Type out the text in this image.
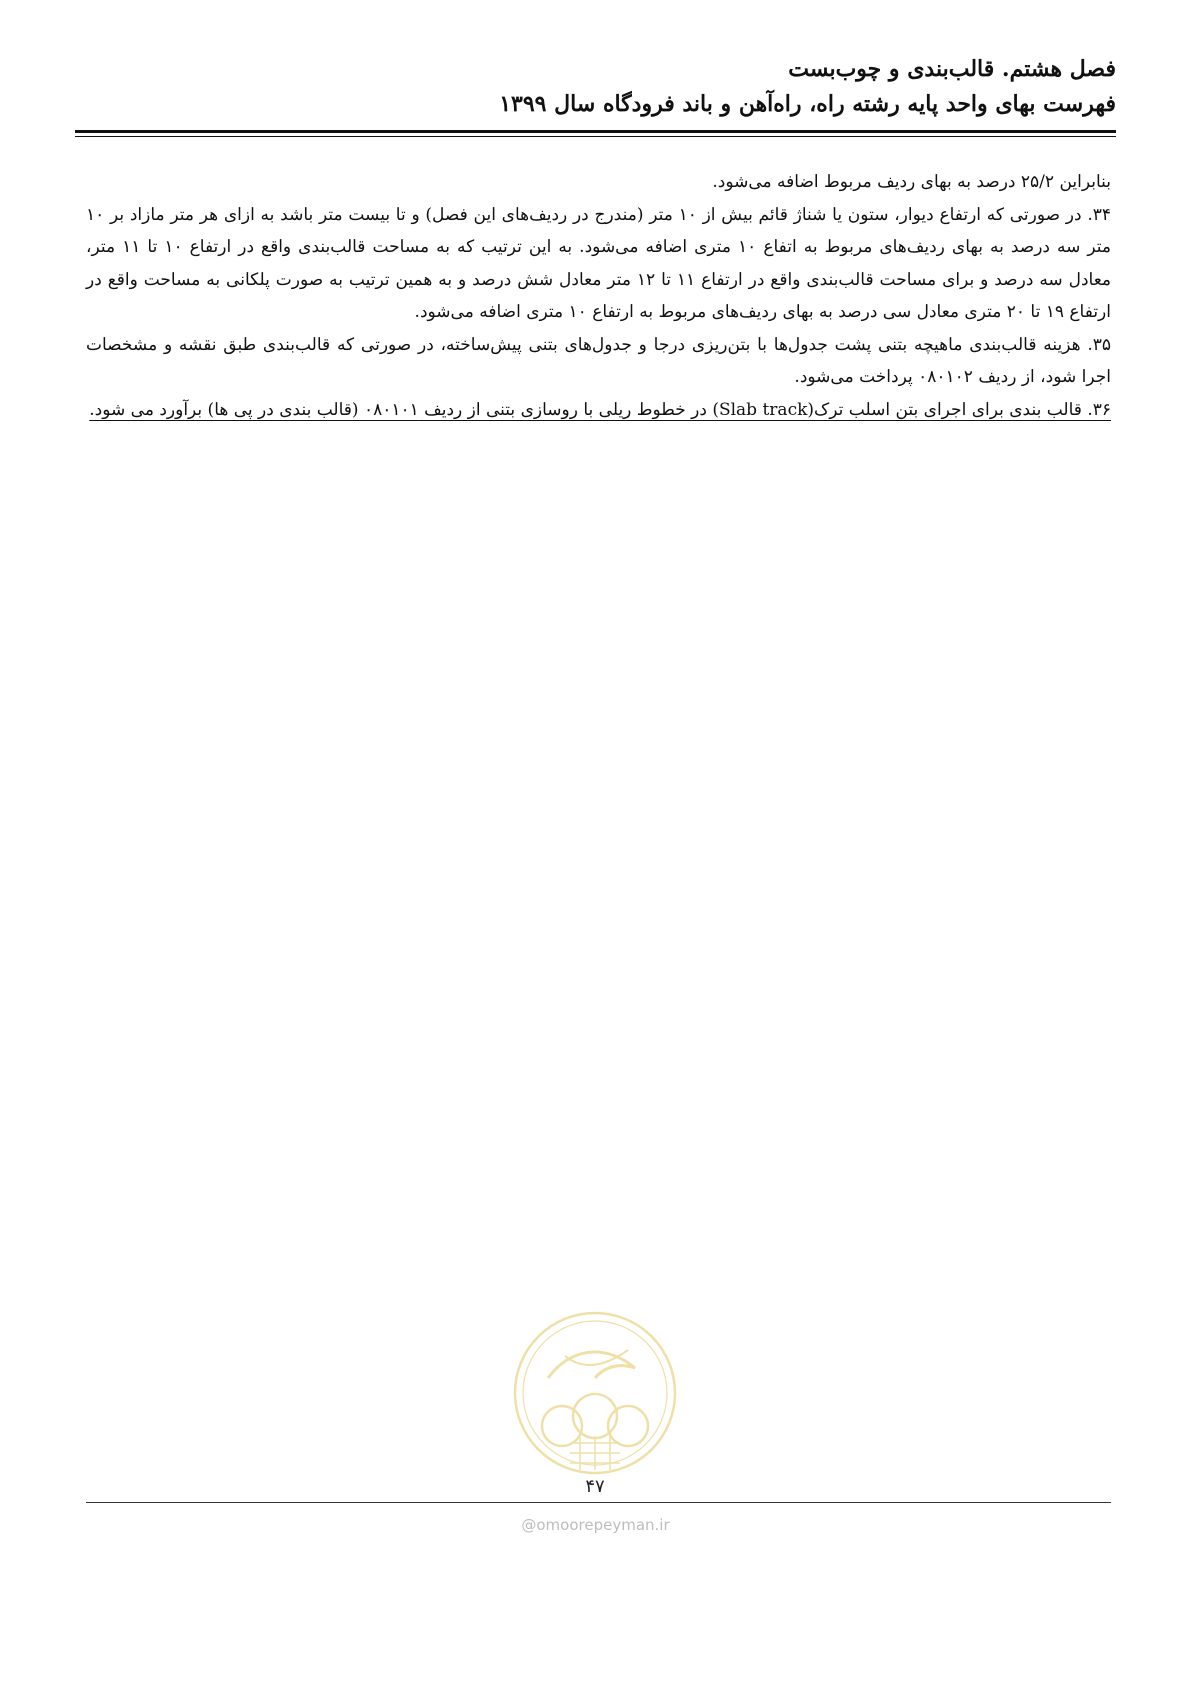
فصل هشتم. قالب‌بندی و چوب‌بست
فهرست بهای واحد پایه رشته راه، راه‌آهن و باند فرودگاه سال ۱۳۹۹

بنابراین ۲۵/۲ درصد به بهای ردیف مربوط اضافه می‌شود.

۳۴. در صورتی که ارتفاع دیوار، ستون یا شناژ قائم بیش از ۱۰ متر (مندرج در ردیف‌های این فصل) و تا بیست متر باشد به ازای هر متر مازاد بر ۱۰ متر سه درصد به بهای ردیف‌های مربوط به اتفاع ۱۰ متری اضافه می‌شود. به این ترتیب که به مساحت قالب‌بندی واقع در ارتفاع ۱۰ تا ۱۱ متر، معادل سه درصد و برای مساحت قالب‌بندی واقع در ارتفاع ۱۱ تا ۱۲ متر معادل شش درصد و به همین ترتیب به صورت پلکانی به مساحت واقع در ارتفاع ۱۹ تا ۲۰ متری معادل سی درصد به بهای ردیف‌های مربوط به ارتفاع ۱۰ متری اضافه می‌شود.

۳۵. هزینه قالب‌بندی ماهیچه بتنی پشت جدول‌ها با بتن‌ریزی درجا و جدول‌های بتنی پیش‌ساخته، در صورتی که قالب‌بندی طبق نقشه و مشخصات اجرا شود، از ردیف ۰۸۰۱۰۲ پرداخت می‌شود.

۳۶. قالب بندی برای اجرای بتن اسلب ترک(Slab track) در خطوط ریلی با روسازی بتنی از ردیف ۰۸۰۱۰۱ (قالب بندی در پی ها) برآورد می شود.

۴۷
@omoorepeyman.ir
